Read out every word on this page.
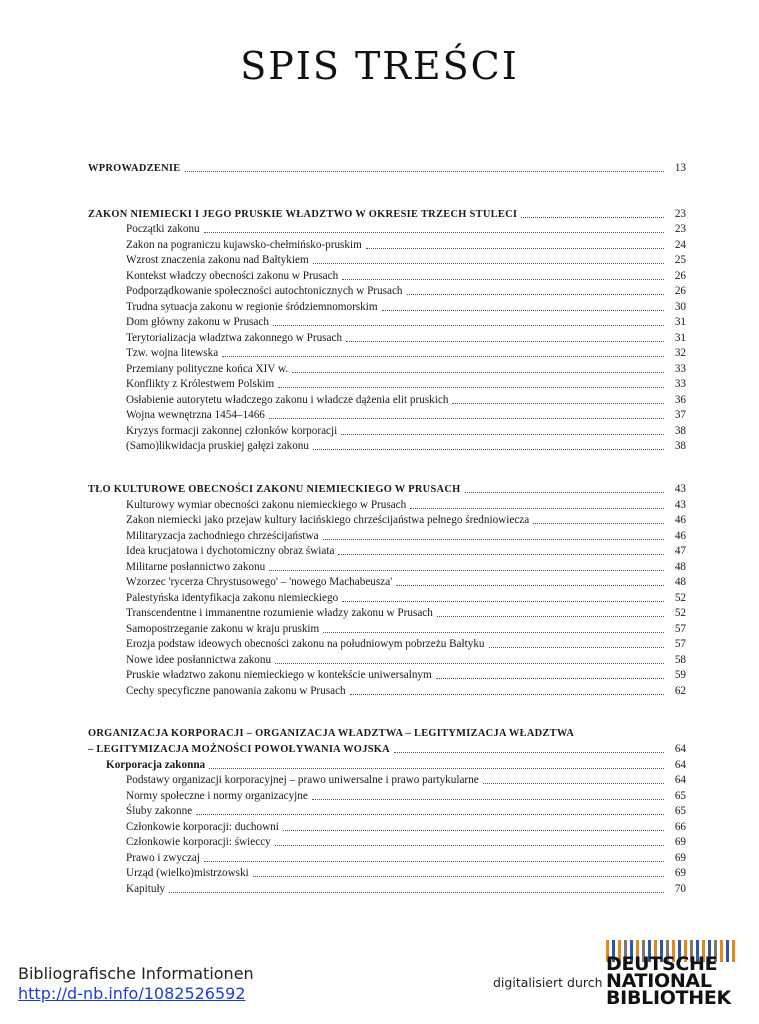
SPIS TREŚCI
WPROWADZENIE	13
ZAKON NIEMIECKI I JEGO PRUSKIE WŁADZTWO W OKRESIE TRZECH STULECI	23
Początki zakonu	23
Zakon na pograniczu kujawsko-chełmińsko-pruskim	24
Wzrost znaczenia zakonu nad Bałtykiem	25
Kontekst władczy obecności zakonu w Prusach	26
Podporządkowanie społeczności autochtonicznych w Prusach	26
Trudna sytuacja zakonu w regionie śródziemnomorskim	30
Dom główny zakonu w Prusach	31
Terytorializacja władztwa zakonnego w Prusach	31
Tzw. wojna litewska	32
Przemiany polityczne końca XIV w.	33
Konflikty z Królestwem Polskim	33
Osłabienie autorytetu władczego zakonu i władcze dążenia elit pruskich	36
Wojna wewnętrzna 1454–1466	37
Kryzys formacji zakonnej członków korporacji	38
(Samo)likwidacja pruskiej gałęzi zakonu	38
TŁO KULTUROWE OBECNOŚCI ZAKONU NIEMIECKIEGO W PRUSACH	43
Kulturowy wymiar obecności zakonu niemieckiego w Prusach	43
Zakon niemiecki jako przejaw kultury łacińskiego chrześcijaństwa pełnego średniowiecza	46
Militaryzacja zachodniego chrześcijaństwa	46
Idea krucjatowa i dychotomiczny obraz świata	47
Militarne posłannictwo zakonu	48
Wzorzec 'rycerza Chrystusowego' – 'nowego Machabeusza'	48
Palestyńska identyfikacja zakonu niemieckiego	52
Transcendentne i immanentne rozumienie władzy zakonu w Prusach	52
Samopostrzeganie zakonu w kraju pruskim	57
Erozja podstaw ideowych obecności zakonu na południowym pobrzeżu Bałtyku	57
Nowe idee posłannictwa zakonu	58
Pruskie władztwo zakonu niemieckiego w kontekście uniwersalnym	59
Cechy specyficzne panowania zakonu w Prusach	62
ORGANIZACJA KORPORACJI – ORGANIZACJA WŁADZTWA – LEGITYMIZACJA WŁADZTWA
– LEGITYMIZACJA MOŻNOŚCI POWOŁYWANIA WOJSKA	64
Korporacja zakonna	64
Podstawy organizacji korporacyjnej – prawo uniwersalne i prawo partykularne	64
Normy społeczne i normy organizacyjne	65
Śluby zakonne	65
Członkowie korporacji: duchowni	66
Członkowie korporacji: świeccy	69
Prawo i zwyczaj	69
Urząd (wielko)mistrzowski	69
Kapituły	70
Bibliografische Informationen
http://d-nb.info/1082526592
digitalisiert durch
DEUTSCHE
NATIONAL
BIBLIOTHEK
